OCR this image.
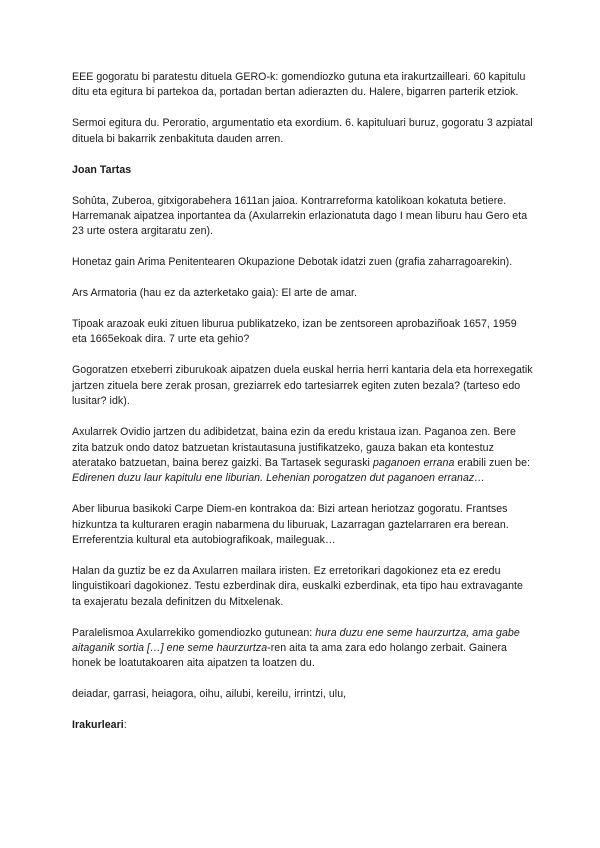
EEE gogoratu bi paratestu dituela GERO-k: gomendiozko gutuna eta irakurtzailleari. 60 kapitulu ditu eta egitura bi partekoa da, portadan bertan adierazten du. Halere, bigarren parterik etziok.

Sermoi egitura du. Peroratio, argumentatio eta exordium. 6. kapituluari buruz, gogoratu 3 azpiatal dituela bi bakarrik zenbakituta dauden arren.

Joan Tartas

Sohûta, Zuberoa, gitxigorabehera 1611an jaioa. Kontrarreforma katolikoan kokatuta betiere. Harremanak aipatzea inportantea da (Axularrekin erlazionatuta dago I mean liburu hau Gero eta 23 urte ostera argitaratu zen).

Honetaz gain Arima Penitentearen Okupazione Debotak idatzi zuen (grafia zaharragoarekin).

Ars Armatoria (hau ez da azterketako gaia): El arte de amar.

Tipoak arazoak euki zituen liburua publikatzeko, izan be zentsoreen aprobaziñoak 1657, 1959 eta 1665ekoak dira. 7 urte eta gehio?

Gogoratzen etxeberri ziburukoak aipatzen duela euskal herria herri kantaria dela eta horrexegatik jartzen zituela bere zerak prosan, greziarrek edo tartesiarrek egiten zuten bezala? (tarteso edo lusitar? idk).

Axularrek Ovidio jartzen du adibidetzat, baina ezin da eredu kristaua izan. Paganoa zen. Bere zita batzuk ondo datoz batzuetan kristautasuna justifikatzeko, gauza bakan eta kontestuz ateratako batzuetan, baina berez gaizki. Ba Tartasek seguraski paganoen errana erabili zuen be: Edirenen duzu laur kapitulu ene liburian. Lehenian porogatzen dut paganoen erranaz…

Aber liburua basikoki Carpe Diem-en kontrakoa da: Bizi artean heriotzaz gogoratu. Frantses hizkuntza ta kulturaren eragin nabarmena du liburuak, Lazarragan gaztelarraren era berean. Erreferentzia kultural eta autobiografikoak, maileguak…

Halan da guztiz be ez da Axularren mailara iristen. Ez erretorikari dagokionez eta ez eredu linguistikoari dagokionez. Testu ezberdinak dira, euskalki ezberdinak, eta tipo hau extravagante ta exajeratu bezala definitzen du Mitxelenak.

Paralelismoa Axularrekiko gomendiozko gutunean: hura duzu ene seme haurzurtza, ama gabe aitaganik sortia […] ene seme haurzurtza-ren aita ta ama zara edo holango zerbait. Gainera honek be loatutakoaren aita aipatzen ta loatzen du.

deiadar, garrasi, heiagora, oihu, ailubi, kereilu, irrintzi, ulu,

Irakurleari:
